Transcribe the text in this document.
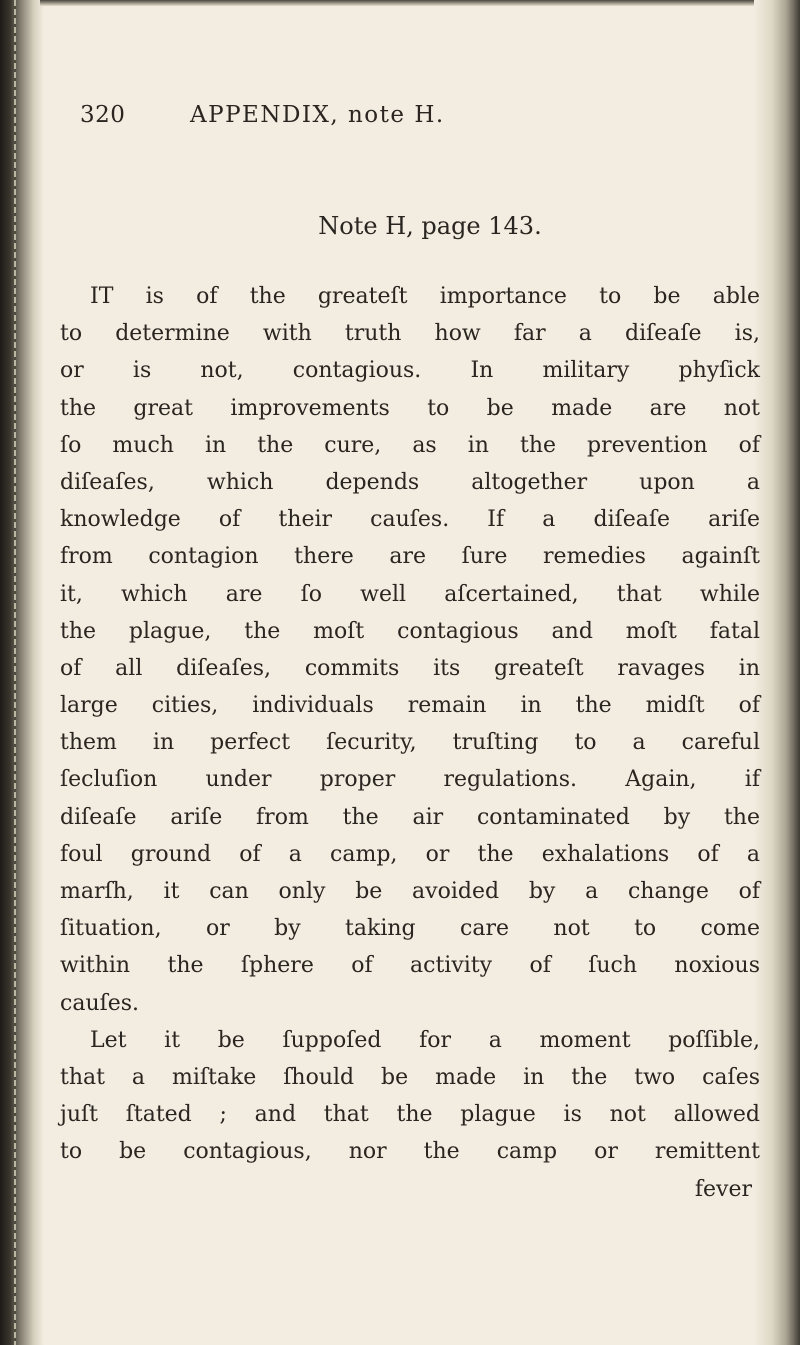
320	APPENDIX, note H.
Note H, page 143.
IT is of the greateſt importance to be able
to determine with truth how far a diſeaſe is,
or is not, contagious. In military phyſick
the great improvements to be made are not
ſo much in the cure, as in the prevention of
diſeaſes, which depends altogether upon a
knowledge of their cauſes. If a diſeaſe ariſe
from contagion there are ſure remedies againſt
it, which are ſo well aſcertained, that while
the plague, the moſt contagious and moſt fatal
of all diſeaſes, commits its greateſt ravages in
large cities, individuals remain in the midſt of
them in perfect ſecurity, truſting to a careful
ſecluſion under proper regulations. Again, if
diſeaſe ariſe from the air contaminated by the
foul ground of a camp, or the exhalations of a
marſh, it can only be avoided by a change of
ſituation, or by taking care not to come
within the ſphere of activity of ſuch noxious
cauſes.
Let it be ſuppoſed for a moment poſſible,
that a miſtake ſhould be made in the two caſes
juſt ſtated ; and that the plague is not allowed
to be contagious, nor the camp or remittent
fever
